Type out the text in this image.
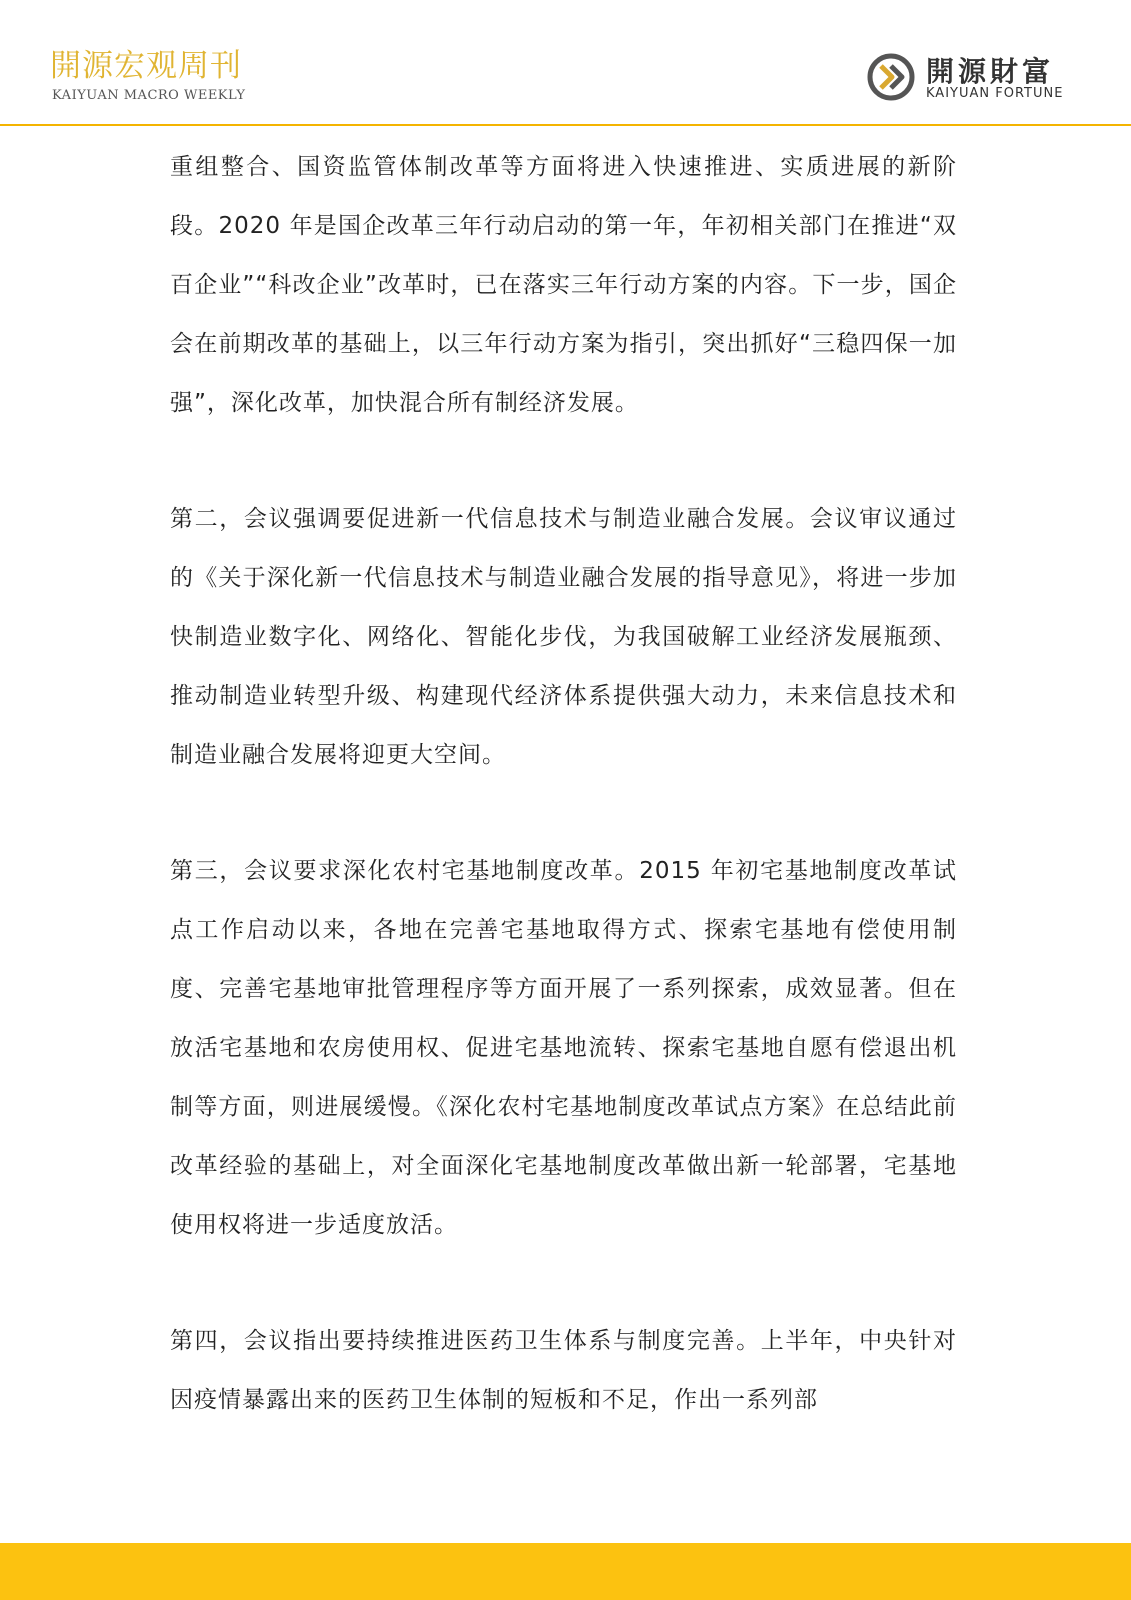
開源宏观周刊
KAIYUAN MACRO WEEKLY
開源財富
KAIYUAN FORTUNE

重组整合、国资监管体制改革等方面将进入快速推进、实质进展的新阶段。2020 年是国企改革三年行动启动的第一年，年初相关部门在推进“双百企业”“科改企业”改革时，已在落实三年行动方案的内容。下一步，国企会在前期改革的基础上，以三年行动方案为指引，突出抓好“三稳四保一加强”，深化改革，加快混合所有制经济发展。

第二，会议强调要促进新一代信息技术与制造业融合发展。会议审议通过的《关于深化新一代信息技术与制造业融合发展的指导意见》，将进一步加快制造业数字化、网络化、智能化步伐，为我国破解工业经济发展瓶颈、推动制造业转型升级、构建现代经济体系提供强大动力，未来信息技术和制造业融合发展将迎更大空间。

第三，会议要求深化农村宅基地制度改革。2015 年初宅基地制度改革试点工作启动以来，各地在完善宅基地取得方式、探索宅基地有偿使用制度、完善宅基地审批管理程序等方面开展了一系列探索，成效显著。但在放活宅基地和农房使用权、促进宅基地流转、探索宅基地自愿有偿退出机制等方面，则进展缓慢。《深化农村宅基地制度改革试点方案》在总结此前改革经验的基础上，对全面深化宅基地制度改革做出新一轮部署，宅基地使用权将进一步适度放活。

第四，会议指出要持续推进医药卫生体系与制度完善。上半年，中央针对因疫情暴露出来的医药卫生体制的短板和不足，作出一系列部
